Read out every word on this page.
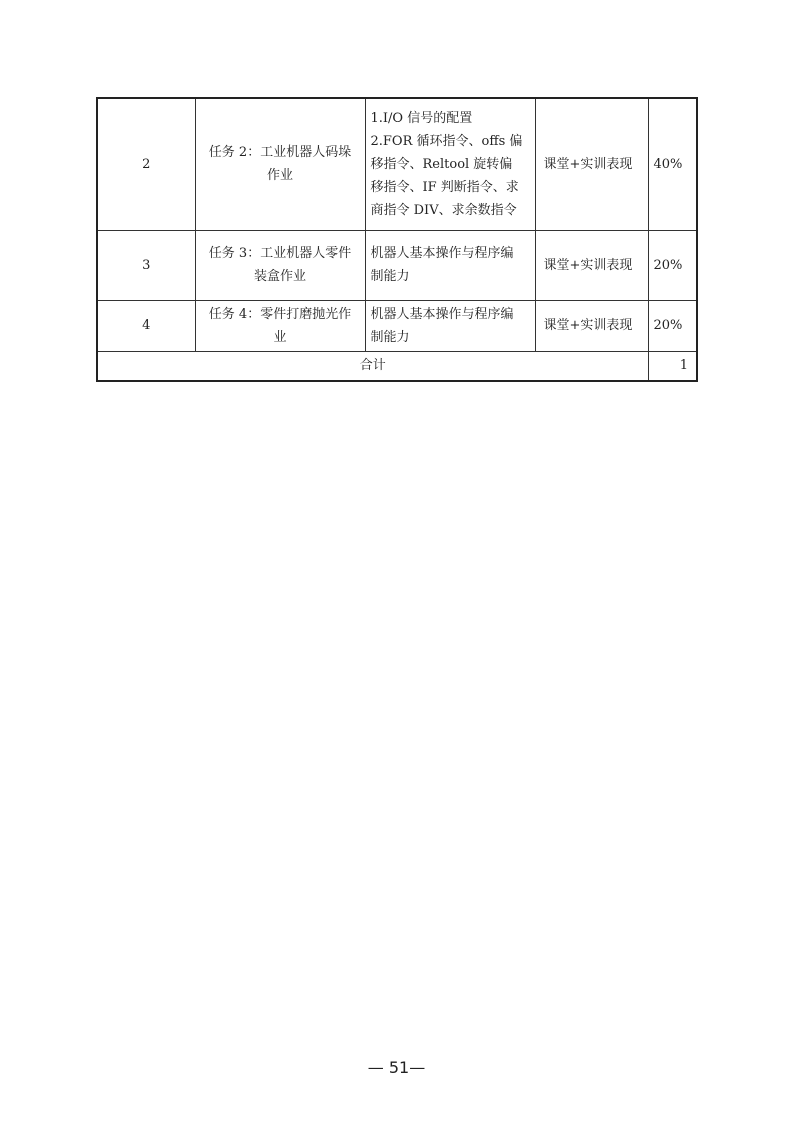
2	任务 2：工业机器人码垛
作业	1.I/O 信号的配置
2.FOR 循环指令、offs 偏
移指令、Reltool 旋转偏
移指令、IF 判断指令、求
商指令 DIV、求余数指令	课堂+实训表现	40%
3	任务 3：工业机器人零件
装盒作业	机器人基本操作与程序编
制能力	课堂+实训表现	20%
4	任务 4：零件打磨抛光作
业	机器人基本操作与程序编
制能力	课堂+实训表现	20%
合计				1
— 51—
